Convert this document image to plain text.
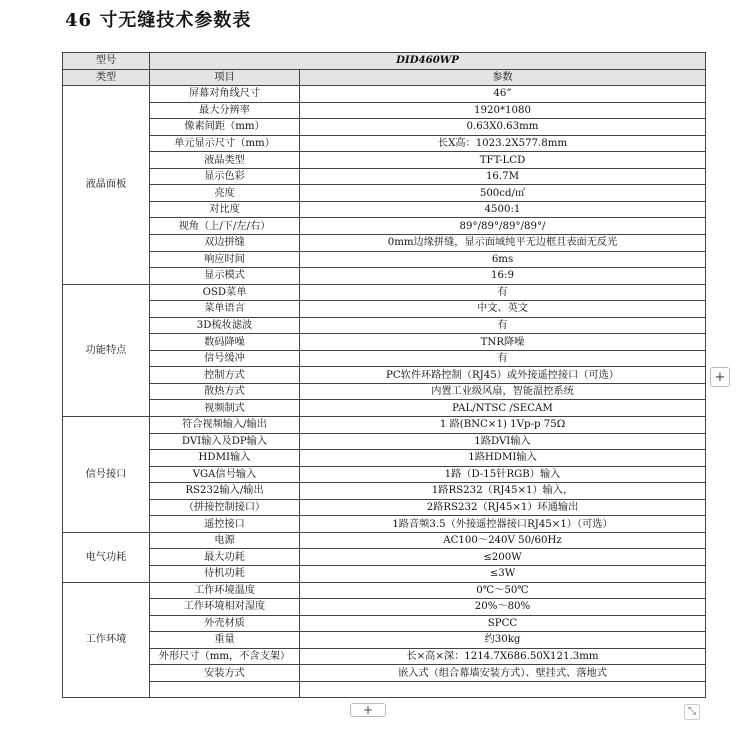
46 寸无缝技术参数表
型号	DID460WP	
类型	项目	参数
液晶面板	屏幕对角线尺寸	46”
	最大分辨率	1920*1080
	像素间距（mm）	0.63X0.63mm
	单元显示尺寸（mm）	长X高：1023.2X577.8mm
	液晶类型	TFT-LCD
	显示色彩	16.7M
	亮度	500cd/㎡
	对比度	4500:1
	视角（上/下/左/右）	89°/89°/89°/89°/
	双边拼缝	0mm边缘拼缝，显示面域纯平无边框且表面无反光
	响应时间	6ms
	显示模式	16:9
功能特点	OSD菜单	有
	菜单语言	中文、英文
	3D梳妆滤波	有
	数码降噪	TNR降噪
	信号缓冲	有
	控制方式	PC软件环路控制（RJ45）或外接遥控接口（可选）
	散热方式	内置工业级风扇，智能温控系统
	视频制式	PAL/NTSC /SECAM
信号接口	符合视频输入/输出	1 路(BNC×1) 1Vp-p 75Ω
	DVI输入及DP输入	1路DVI输入
	HDMI输入	1路HDMI输入
	VGA信号输入	1路（D-15针RGB）输入
	RS232输入/输出	1路RS232（RJ45×1）输入，
	（拼接控制接口）	2路RS232（RJ45×1）环通输出
	遥控接口	1路音频3.5（外接遥控器接口RJ45×1）（可选）
电气功耗	电源	AC100～240V 50/60Hz
	最大功耗	≤200W
	待机功耗	≤3W
工作环境	工作环境温度	0℃～50℃
	工作环境相对湿度	20%～80%
	外壳材质	SPCC
	重量	约30kg
	外形尺寸（mm，不含支架）	长×高×深：1214.7X686.50X121.3mm
	安装方式	嵌入式（组合幕墙安装方式）、壁挂式、落地式

+
+	⤡
